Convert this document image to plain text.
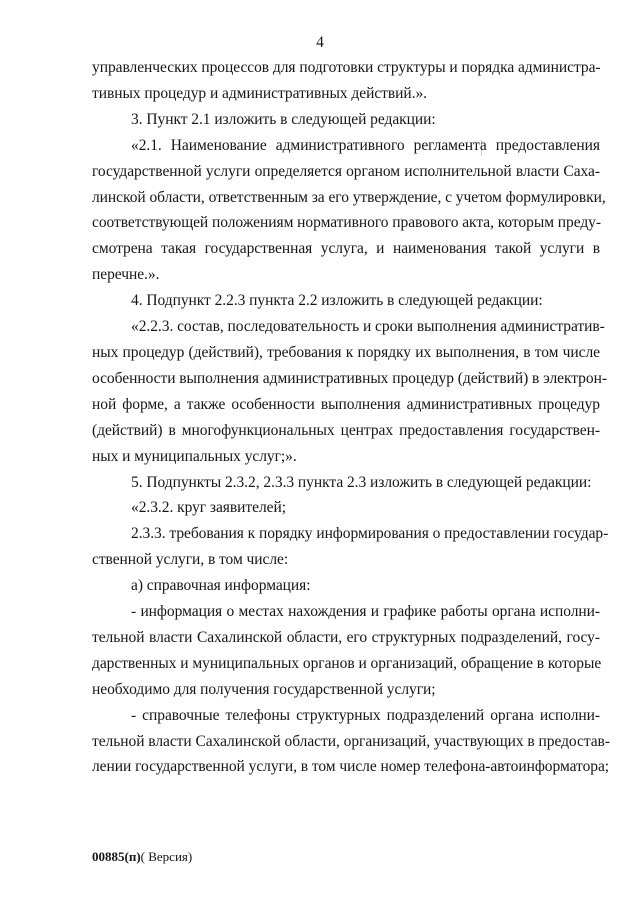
4
управленческих процессов для подготовки структуры и порядка администра-
тивных процедур и административных действий.».
3. Пункт 2.1 изложить в следующей редакции:
«2.1. Наименование административного регламента предоставления
государственной услуги определяется органом исполнительной власти Саха-
линской области, ответственным за его утверждение, с учетом формулировки,
соответствующей положениям нормативного правового акта, которым преду-
смотрена такая государственная услуга, и наименования такой услуги в
перечне.».
4. Подпункт 2.2.3 пункта 2.2 изложить в следующей редакции:
«2.2.3. состав, последовательность и сроки выполнения административ-
ных процедур (действий), требования к порядку их выполнения, в том числе
особенности выполнения административных процедур (действий) в электрон-
ной форме, а также особенности выполнения административных процедур
(действий) в многофункциональных центрах предоставления государствен-
ных и муниципальных услуг;».
5. Подпункты 2.3.2, 2.3.3 пункта 2.3 изложить в следующей редакции:
«2.3.2. круг заявителей;
2.3.3. требования к порядку информирования о предоставлении государ-
ственной услуги, в том числе:
а) справочная информация:
- информация о местах нахождения и графике работы органа исполни-
тельной власти Сахалинской области, его структурных подразделений, госу-
дарственных и муниципальных органов и организаций, обращение в которые
необходимо для получения государственной услуги;
- справочные телефоны структурных подразделений органа исполни-
тельной власти Сахалинской области, организаций, участвующих в предостав-
лении государственной услуги, в том числе номер телефона-автоинформатора;
00885(п)( Версия)
